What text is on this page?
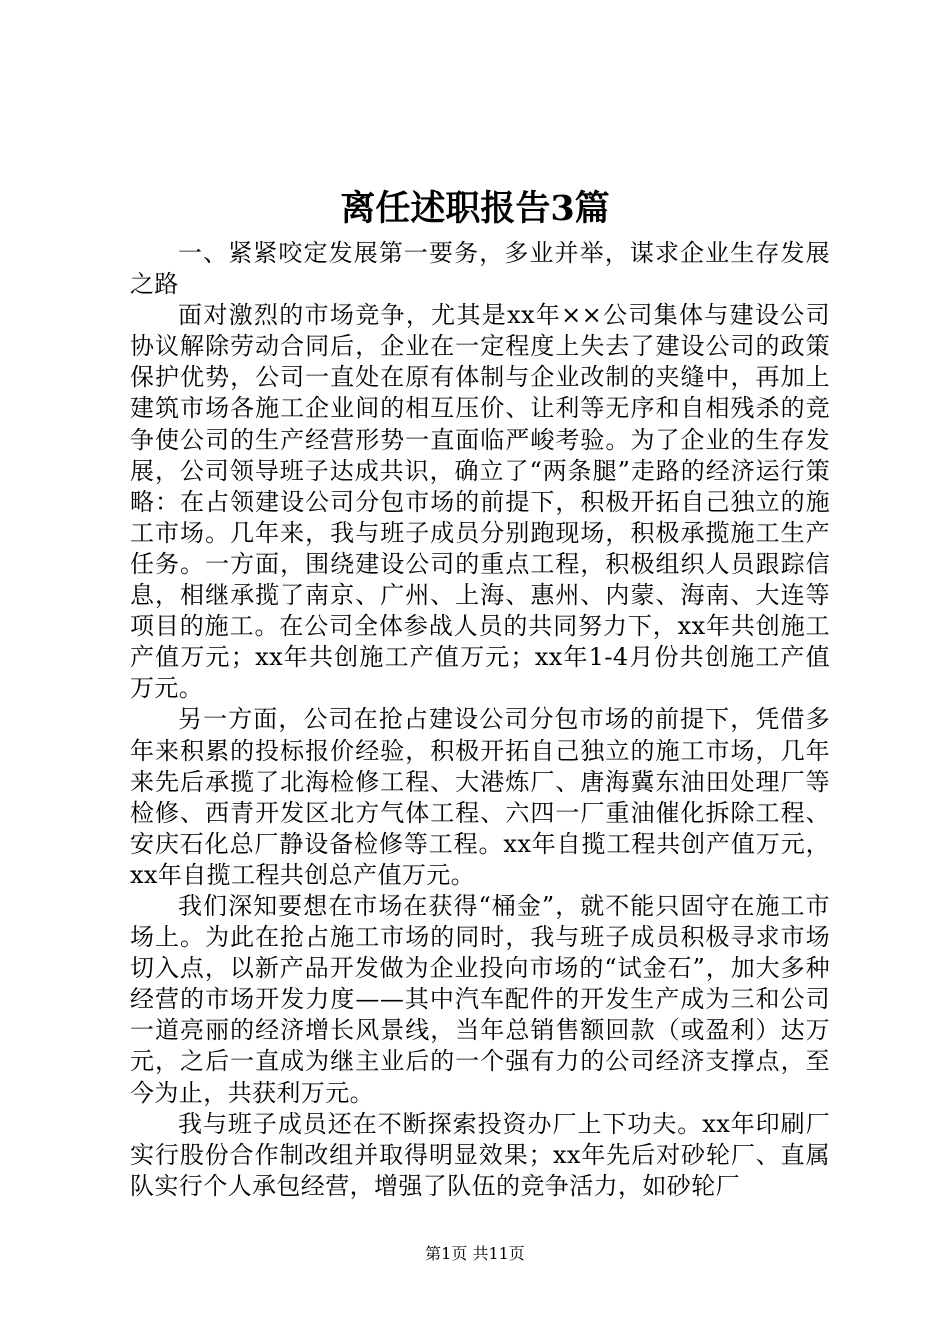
离任述职报告3篇

一、紧紧咬定发展第一要务，多业并举，谋求企业生存发展之路

面对激烈的市场竞争，尤其是xx年××公司集体与建设公司协议解除劳动合同后，企业在一定程度上失去了建设公司的政策保护优势，公司一直处在原有体制与企业改制的夹缝中，再加上建筑市场各施工企业间的相互压价、让利等无序和自相残杀的竞争使公司的生产经营形势一直面临严峻考验。为了企业的生存发展，公司领导班子达成共识，确立了“两条腿”走路的经济运行策略：在占领建设公司分包市场的前提下，积极开拓自己独立的施工市场。几年来，我与班子成员分别跑现场，积极承揽施工生产任务。一方面，围绕建设公司的重点工程，积极组织人员跟踪信息，相继承揽了南京、广州、上海、惠州、内蒙、海南、大连等项目的施工。在公司全体参战人员的共同努力下，xx年共创施工产值万元；xx年共创施工产值万元；xx年1-4月份共创施工产值万元。

另一方面，公司在抢占建设公司分包市场的前提下，凭借多年来积累的投标报价经验，积极开拓自己独立的施工市场，几年来先后承揽了北海检修工程、大港炼厂、唐海冀东油田处理厂等检修、西青开发区北方气体工程、六四一厂重油催化拆除工程、安庆石化总厂静设备检修等工程。xx年自揽工程共创产值万元，xx年自揽工程共创总产值万元。

我们深知要想在市场在获得“桶金”，就不能只固守在施工市场上。为此在抢占施工市场的同时，我与班子成员积极寻求市场切入点，以新产品开发做为企业投向市场的“试金石”，加大多种经营的市场开发力度——其中汽车配件的开发生产成为三和公司一道亮丽的经济增长风景线，当年总销售额回款（或盈利）达万元，之后一直成为继主业后的一个强有力的公司经济支撑点，至今为止，共获利万元。

我与班子成员还在不断探索投资办厂上下功夫。xx年印刷厂实行股份合作制改组并取得明显效果；xx年先后对砂轮厂、直属队实行个人承包经营，增强了队伍的竞争活力，如砂轮厂

第1页 共11页
